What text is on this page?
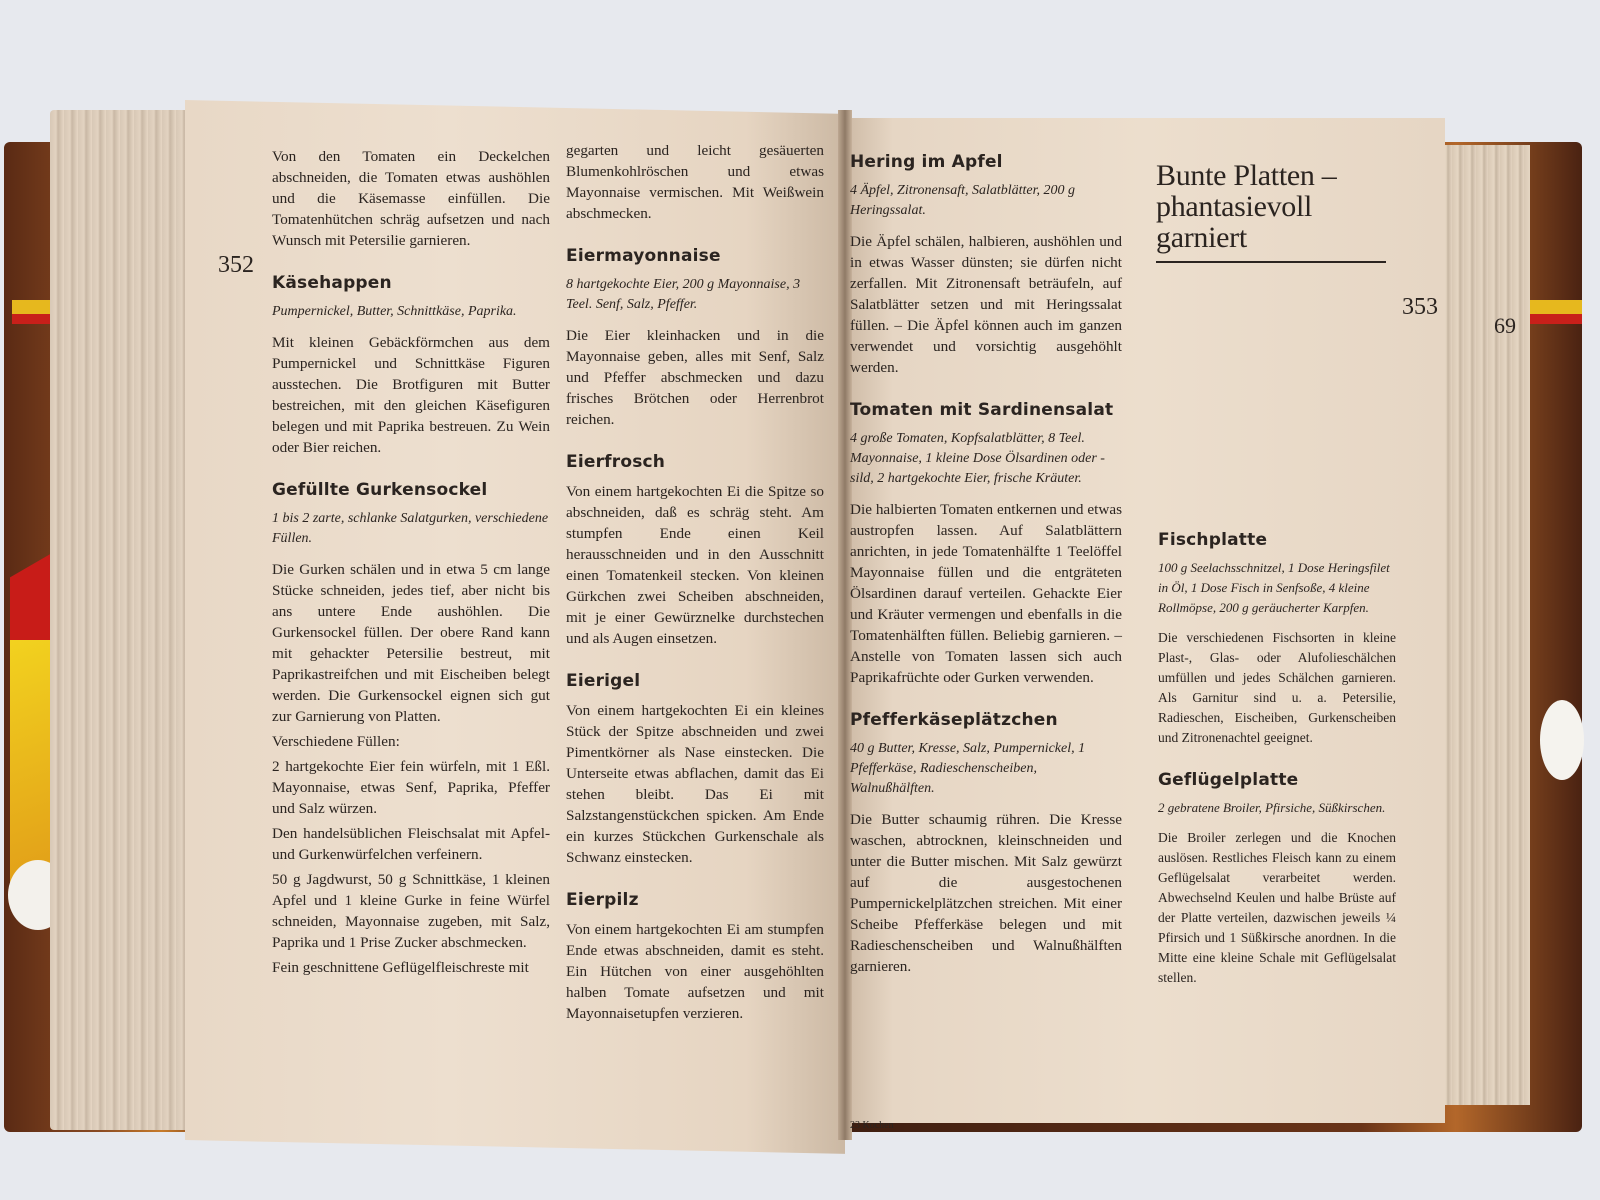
352

Von den Tomaten ein Deckelchen abschneiden, die Tomaten etwas aushöhlen und die Käsemasse einfüllen. Die Tomatenhütchen schräg aufsetzen und nach Wunsch mit Petersilie garnieren.

Käsehappen

Pumpernickel, Butter, Schnittkäse, Paprika.

Mit kleinen Gebäckförmchen aus dem Pumpernickel und Schnittkäse Figuren ausstechen. Die Brotfiguren mit Butter bestreichen, mit den gleichen Käsefiguren belegen und mit Paprika bestreuen. Zu Wein oder Bier reichen.

Gefüllte Gurkensockel

1 bis 2 zarte, schlanke Salatgurken, verschiedene Füllen.

Die Gurken schälen und in etwa 5 cm lange Stücke schneiden, jedes tief, aber nicht bis ans untere Ende aushöhlen. Die Gurkensockel füllen. Der obere Rand kann mit gehackter Petersilie bestreut, mit Paprikastreifchen und mit Eischeiben belegt werden. Die Gurkensockel eignen sich gut zur Garnierung von Platten.

Verschiedene Füllen:

2 hartgekochte Eier fein würfeln, mit 1 Eßl. Mayonnaise, etwas Senf, Paprika, Pfeffer und Salz würzen.

Den handelsüblichen Fleischsalat mit Apfel- und Gurkenwürfelchen verfeinern.

50 g Jagdwurst, 50 g Schnittkäse, 1 kleinen Apfel und 1 kleine Gurke in feine Würfel schneiden, Mayonnaise zugeben, mit Salz, Paprika und 1 Prise Zucker abschmecken.

Fein geschnittene Geflügelfleischreste mit

gegarten und leicht gesäuerten Blumenkohlröschen und etwas Mayonnaise vermischen. Mit Weißwein abschmecken.

Eiermayonnaise

8 hartgekochte Eier, 200 g Mayonnaise, 3 Teel. Senf, Salz, Pfeffer.

Die Eier kleinhacken und in die Mayonnaise geben, alles mit Senf, Salz und Pfeffer abschmecken und dazu frisches Brötchen oder Herrenbrot reichen.

Eierfrosch

Von einem hartgekochten Ei die Spitze so abschneiden, daß es schräg steht. Am stumpfen Ende einen Keil herausschneiden und in den Ausschnitt einen Tomatenkeil stecken. Von kleinen Gürkchen zwei Scheiben abschneiden, mit je einer Gewürznelke durchstechen und als Augen einsetzen.

Eierigel

Von einem hartgekochten Ei ein kleines Stück der Spitze abschneiden und zwei Pimentkörner als Nase einstecken. Die Unterseite etwas abflachen, damit das Ei stehen bleibt. Das Ei mit Salzstangenstückchen spicken. Am Ende ein kurzes Stückchen Gurkenschale als Schwanz einstecken.

Eierpilz

Von einem hartgekochten Ei am stumpfen Ende etwas abschneiden, damit es steht. Ein Hütchen von einer ausgehöhlten halben Tomate aufsetzen und mit Mayonnaisetupfen verzieren.

Hering im Apfel

4 Äpfel, Zitronensaft, Salatblätter, 200 g Heringssalat.

Die Äpfel schälen, halbieren, aushöhlen und in etwas Wasser dünsten; sie dürfen nicht zerfallen. Mit Zitronensaft beträufeln, auf Salatblätter setzen und mit Heringssalat füllen. – Die Äpfel können auch im ganzen verwendet und vorsichtig ausgehöhlt werden.

Tomaten mit Sardinensalat

4 große Tomaten, Kopfsalatblätter, 8 Teel. Mayonnaise, 1 kleine Dose Ölsardinen oder -sild, 2 hartgekochte Eier, frische Kräuter.

Die halbierten Tomaten entkernen und etwas austropfen lassen. Auf Salatblättern anrichten, in jede Tomatenhälfte 1 Teelöffel Mayonnaise füllen und die entgräteten Ölsardinen darauf verteilen. Gehackte Eier und Kräuter vermengen und ebenfalls in die Tomatenhälften füllen. Beliebig garnieren. – Anstelle von Tomaten lassen sich auch Paprikafrüchte oder Gurken verwenden.

Pfefferkäseplätzchen

40 g Butter, Kresse, Salz, Pumpernickel, 1 Pfefferkäse, Radieschenscheiben, Walnußhälften.

Die Butter schaumig rühren. Die Kresse waschen, abtrocknen, kleinschneiden und unter die Butter mischen. Mit Salz gewürzt auf die ausgestochenen Pumpernickelplätzchen streichen. Mit einer Scheibe Pfefferkäse belegen und mit Radieschenscheiben und Walnußhälften garnieren.

Bunte Platten –
phantasievoll
garniert
353
69

Fischplatte

100 g Seelachsschnitzel, 1 Dose Heringsfilet in Öl, 1 Dose Fisch in Senfsoße, 4 kleine Rollmöpse, 200 g geräucherter Karpfen.

Die verschiedenen Fischsorten in kleine Plast-, Glas- oder Alufolieschälchen umfüllen und jedes Schälchen garnieren. Als Garnitur sind u. a. Petersilie, Radieschen, Eischeiben, Gurkenscheiben und Zitronenachtel geeignet.

Geflügelplatte

2 gebratene Broiler, Pfirsiche, Süßkirschen.

Die Broiler zerlegen und die Knochen auslösen. Restliches Fleisch kann zu einem Geflügelsalat verarbeitet werden. Abwechselnd Keulen und halbe Brüste auf der Platte verteilen, dazwischen jeweils ¼ Pfirsich und 1 Süßkirsche anordnen. In die Mitte eine kleine Schale mit Geflügelsalat stellen.

23 Kochen
